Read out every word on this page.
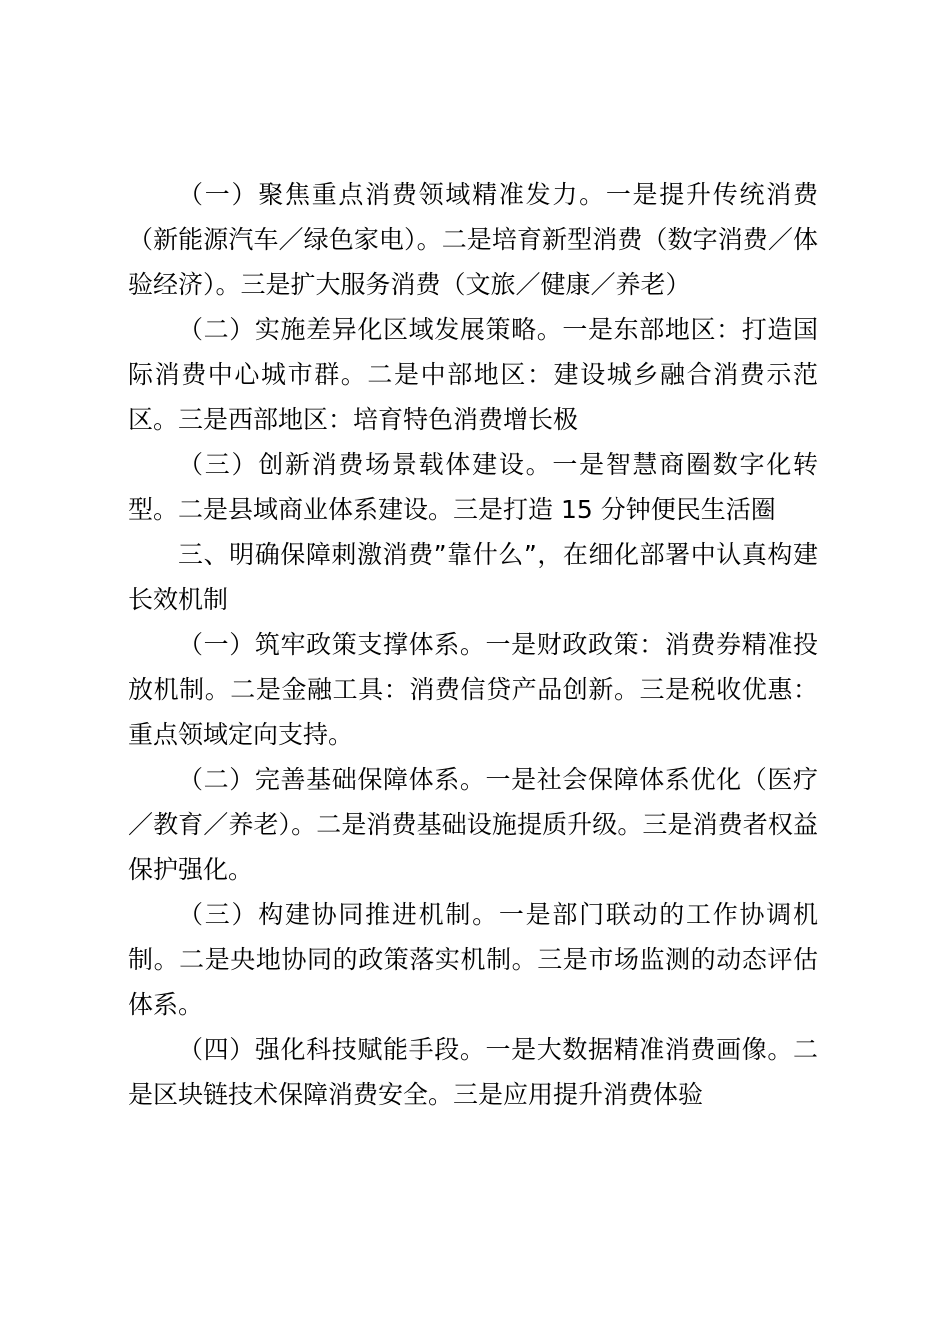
（一）聚焦重点消费领域精准发力。一是提升传统消费（新能源汽车／绿色家电）。二是培育新型消费（数字消费／体验经济）。三是扩大服务消费（文旅／健康／养老）

（二）实施差异化区域发展策略。一是东部地区：打造国际消费中心城市群。二是中部地区：建设城乡融合消费示范区。三是西部地区：培育特色消费增长极

（三）创新消费场景载体建设。一是智慧商圈数字化转型。二是县域商业体系建设。三是打造 15 分钟便民生活圈

三、明确保障刺激消费”靠什么”，在细化部署中认真构建长效机制

（一）筑牢政策支撑体系。一是财政政策：消费券精准投放机制。二是金融工具：消费信贷产品创新。三是税收优惠：重点领域定向支持。

（二）完善基础保障体系。一是社会保障体系优化（医疗／教育／养老）。二是消费基础设施提质升级。三是消费者权益保护强化。

（三）构建协同推进机制。一是部门联动的工作协调机制。二是央地协同的政策落实机制。三是市场监测的动态评估体系。

（四）强化科技赋能手段。一是大数据精准消费画像。二是区块链技术保障消费安全。三是应用提升消费体验
